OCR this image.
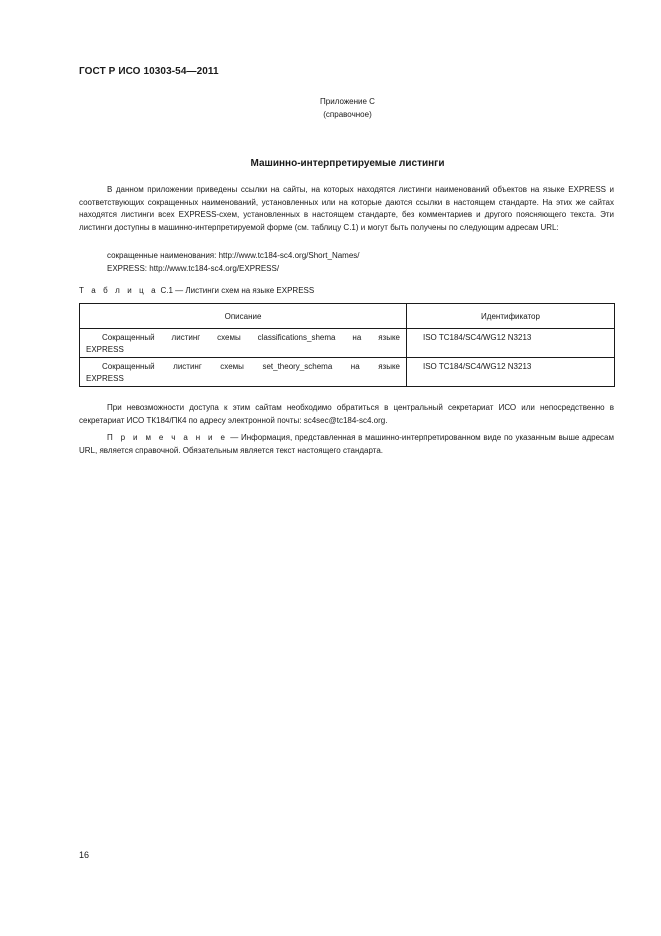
ГОСТ Р ИСО 10303-54—2011
Приложение С
(справочное)
Машинно-интерпретируемые листинги
В данном приложении приведены ссылки на сайты, на которых находятся листинги наименований объектов на языке EXPRESS и соответствующих сокращенных наименований, установленных или на которые даются ссылки в настоящем стандарте. На этих же сайтах находятся листинги всех EXPRESS-схем, установленных в настоящем стандарте, без комментариев и другого поясняющего текста. Эти листинги доступны в машинно-интерпретируемой форме (см. таблицу С.1) и могут быть получены по следующим адресам URL:
сокращенные наименования: http://www.tc184-sc4.org/Short_Names/
EXPRESS: http://www.tc184-sc4.org/EXPRESS/
Т а б л и ц а С.1 — Листинги схем на языке EXPRESS
Описание	Идентификатор

Сокращенный листинг схемы classifications_shema на языке
EXPRESS	ISO TC184/SC4/WG12 N3213

Сокращенный листинг схемы set_theory_schema на языке
EXPRESS	ISO TC184/SC4/WG12 N3213
При невозможности доступа к этим сайтам необходимо обратиться в центральный секретариат ИСО или непосредственно в секретариат ИСО ТК184/ПК4 по адресу электронной почты: sc4sec@tc184-sc4.org.
П р и м е ч а н и е — Информация, представленная в машинно-интерпретированном виде по указанным выше адресам URL, является справочной. Обязательным является текст настоящего стандарта.
16
